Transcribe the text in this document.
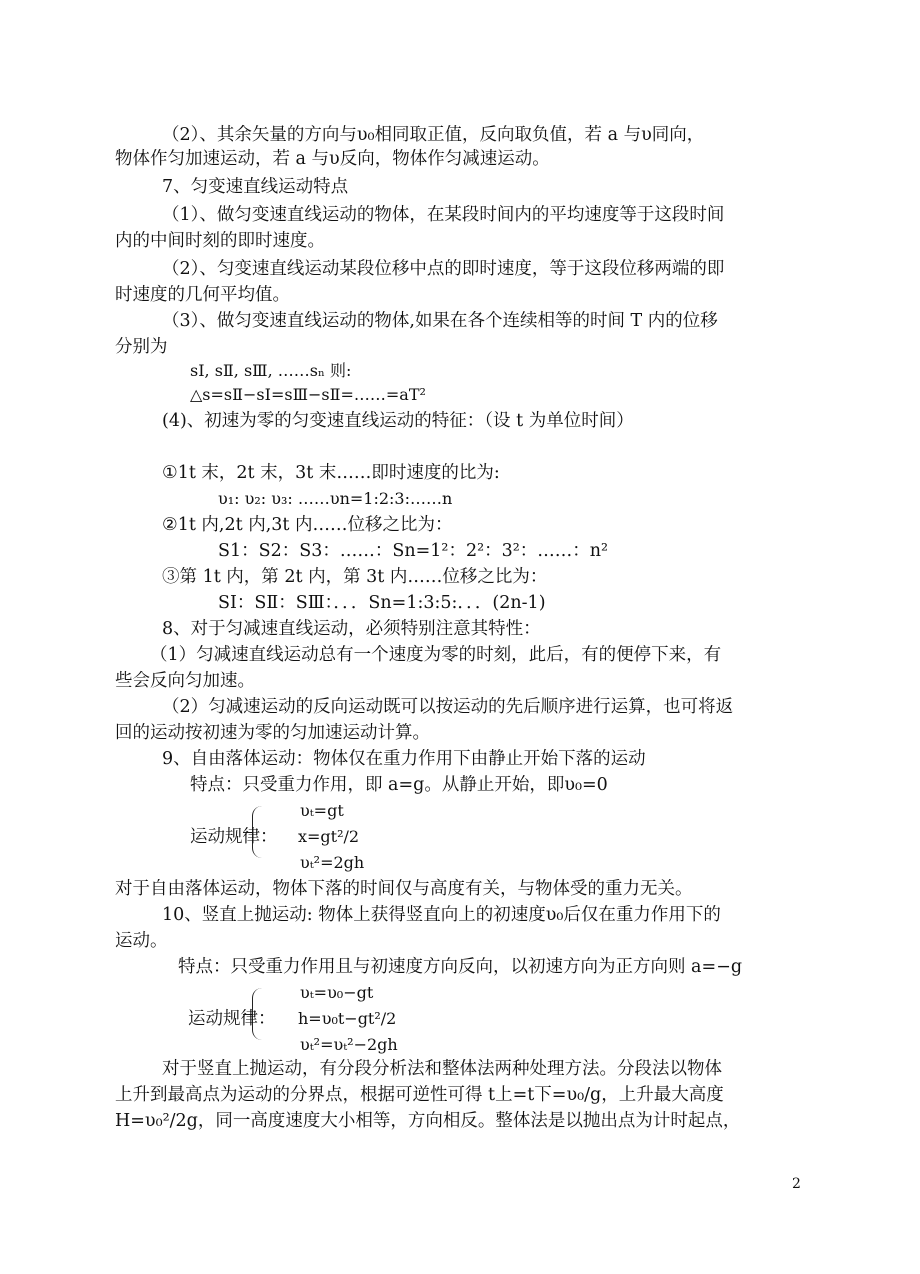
（2）、其余矢量的方向与υ₀相同取正值，反向取负值，若 a 与υ同向，
物体作匀加速运动，若 a 与υ反向，物体作匀减速运动。
7、匀变速直线运动特点
（1）、做匀变速直线运动的物体，在某段时间内的平均速度等于这段时间
内的中间时刻的即时速度。
（2）、匀变速直线运动某段位移中点的即时速度，等于这段位移两端的即
时速度的几何平均值。
（3）、做匀变速直线运动的物体,如果在各个连续相等的时间 T 内的位移
分别为
sⅠ, sⅡ, sⅢ, ……sₙ 则:
△s=sⅡ−sⅠ=sⅢ−sⅡ=……=aT²
(4)、初速为零的匀变速直线运动的特征：（设 t 为单位时间）
①1t 末，2t 末，3t 末……即时速度的比为:
υ₁: υ₂: υ₃: ……υn=1:2:3:……n
②1t 内,2t 内,3t 内……位移之比为：
S1：S2：S3：……：Sn=1²：2²：3²：……：n²
③第 1t 内，第 2t 内，第 3t 内……位移之比为：
SⅠ：SⅡ：SⅢ：．．．Sn=1:3:5:．．．(2n-1)
8、对于匀减速直线运动，必须特别注意其特性：
（1）匀减速直线运动总有一个速度为零的时刻，此后，有的便停下来，有
些会反向匀加速。
（2）匀减速运动的反向运动既可以按运动的先后顺序进行运算，也可将返
回的运动按初速为零的匀加速运动计算。
9、自由落体运动：物体仅在重力作用下由静止开始下落的运动
特点：只受重力作用，即 a=g。从静止开始，即υ₀=0
υₜ=gt
运动规律： x=gt²/2
υₜ²=2gh
对于自由落体运动，物体下落的时间仅与高度有关，与物体受的重力无关。
10、竖直上抛运动: 物体上获得竖直向上的初速度υ₀后仅在重力作用下的
运动。
特点：只受重力作用且与初速度方向反向，以初速方向为正方向则 a=−g
υₜ=υ₀−gt
运动规律： h=υ₀t−gt²/2
υₜ²=υₜ²−2gh
对于竖直上抛运动，有分段分析法和整体法两种处理方法。分段法以物体
上升到最高点为运动的分界点，根据可逆性可得 t上=t下=υ₀/g，上升最大高度
H=υ₀²/2g，同一高度速度大小相等，方向相反。整体法是以抛出点为计时起点，
2
